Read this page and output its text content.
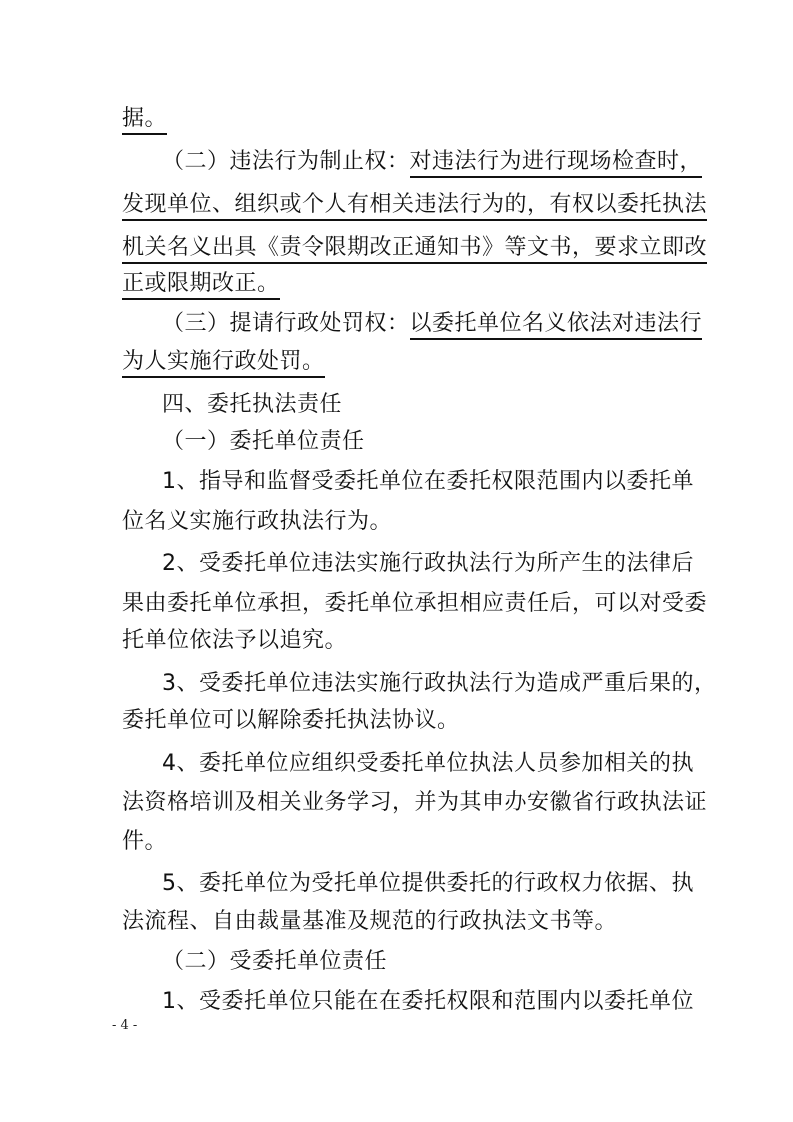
据。
（二）违法行为制止权：对违法行为进行现场检查时，
发现单位、组织或个人有相关违法行为的，有权以委托执法
机关名义出具《责令限期改正通知书》等文书，要求立即改
正或限期改正。
（三）提请行政处罚权：以委托单位名义依法对违法行
为人实施行政处罚。
四、委托执法责任
（一）委托单位责任
1、指导和监督受委托单位在委托权限范围内以委托单
位名义实施行政执法行为。
2、受委托单位违法实施行政执法行为所产生的法律后
果由委托单位承担，委托单位承担相应责任后，可以对受委
托单位依法予以追究。
3、受委托单位违法实施行政执法行为造成严重后果的，
委托单位可以解除委托执法协议。
4、委托单位应组织受委托单位执法人员参加相关的执
法资格培训及相关业务学习，并为其申办安徽省行政执法证
件。
5、委托单位为受托单位提供委托的行政权力依据、执
法流程、自由裁量基准及规范的行政执法文书等。
（二）受委托单位责任
1、受委托单位只能在在委托权限和范围内以委托单位
- 4 -
